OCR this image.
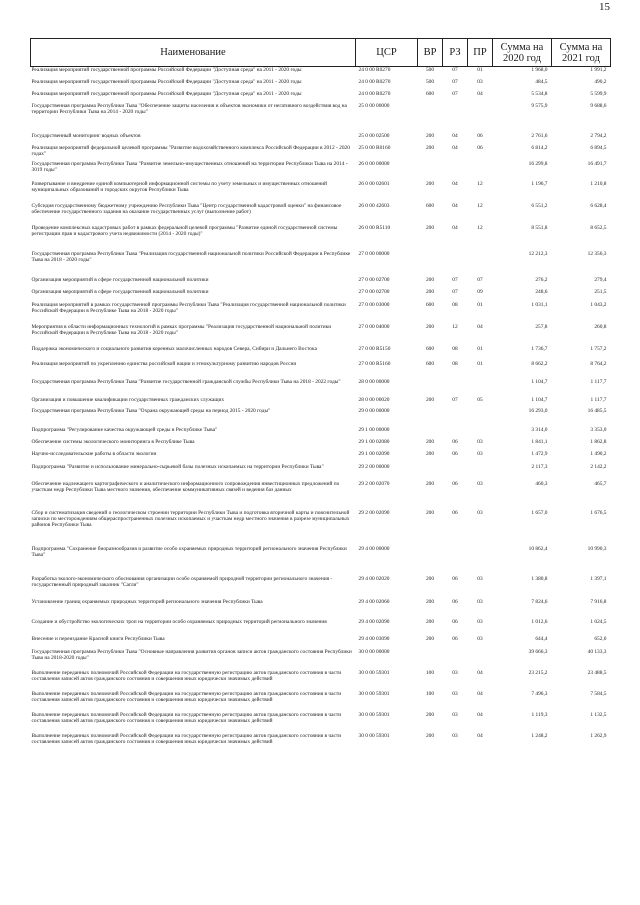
15
Наименование	ЦСР	ВР	РЗ	ПР	Сумма на 2020 год	Сумма на 2021 год
Реализация мероприятий государственной программы Российской Федерации "Доступная среда" на 2011 - 2020 годы	24 0 00 R0270	500	07	01	1 968,0	1 991,2
Реализация мероприятий государственной программы Российской Федерации "Доступная среда" на 2011 - 2020 годы	24 0 00 R0270	500	07	03	484,5	490,2
Реализация мероприятий государственной программы Российской Федерации "Доступная среда" на 2011 - 2020 годы	24 0 00 R0270	600	07	04	5 534,8	5 599,9
Государственная программа Республики Тыва "Обеспечение защиты населения и объектов экономики от негативного воздействия вод на территории Республики Тыва на 2014 - 2020 годы"	25 0 00 00000				9 575,9	9 688,6
Государственный мониторинг водных объектов	25 0 00 02500	200	04	06	2 761,6	2 794,2
Реализация мероприятий федеральной целевой программы "Развитие водохозяйственного комплекса Российской Федерации в 2012 - 2020 годах"	25 0 00 R0160	200	04	06	6 814,2	6 894,5
Государственная программа Республики Тыва "Развитие земельно-имущественных отношений на территории Республики Тыва на 2014 - 3019 годы"	26 0 00 00000				16 299,8	16 491,7
Развертывание и внедрение единой компьютерной информационной системы по учету земельных и имущественных отношений муниципальных образований и городских округов Республики Тыва	26 0 00 02601	200	04	12	1 196,7	1 210,8
Субсидия государственному бюджетному учреждению Республики Тыва "Центр государственной кадастровой оценки" на финансовое обеспечение государственного задания на оказание государственных услуг (выполнение работ)	26 0 00 42603	600	04	12	6 551,2	6 628,4
Проведение комплексных кадастровых работ в рамках федеральной целевой программы "Развитие единой государственной системы регистрации прав и кадастрового учета недвижимости (2014 - 2020 годы)"	26 0 00 R5110	200	04	12	8 551,8	8 652,5
Государственная программа Республики Тыва "Реализация государственной национальной политики Российской Федерации в Республике Тыва на 2018 - 2020 годы"	27 0 00 00000				12 212,3	12 356,3
Организация мероприятий в сфере государственной национальной политики	27 0 00 02700	200	07	07	276,2	279,4
Организация мероприятий в сфере государственной национальной политики	27 0 00 02700	200	07	09	248,6	251,5
Реализация мероприятий в рамках государственной программы Республики Тыва "Реализация государственной национальной политики Российской Федерации в Республике Тыва на 2018 - 2020 годы"	27 0 00 03000	600	08	01	1 031,1	1 043,2
Мероприятия в области информационных технологий в рамках программы "Реализация государственной национальной политики Российской Федерации в Республике Тыва на 2018 - 2020 годы"	27 0 00 04000	200	12	04	257,8	260,8
Поддержка экономического и социального развития коренных малочисленных народов Севера, Сибири и Дальнего Востока	27 0 00 R5150	600	08	01	1 736,7	1 757,2
Реализация мероприятий по укреплению единства российской нации и этнокультурному развитию народов России	27 0 00 R5160	600	08	01	8 662,2	8 764,2
Государственная программа Республики Тыва "Развитие государственной гражданской службы Республики Тыва на 2018 - 2022 годы"	28 0 00 00000				1 104,7	1 117,7
Организация и повышение квалификации государственных гражданских служащих	28 0 00 00020	200	07	05	1 104,7	1 117,7
Государственная программа Республики Тыва "Охрана окружающей среды на период 2015 - 2020 годы"	29 0 00 00000				16 293,0	16 485,5
Подпрограмма "Регулирование качества окружающей среды в Республике Тыва"	29 1 00 00000				3 314,0	3 353,0
Обеспечение системы экологического мониторинга в Республике Тыва	29 1 00 02080	200	06	03	1 841,1	1 862,8
Научно-исследовательские работы в области экологии	29 1 00 02090	200	06	03	1 472,9	1 490,2
Подпрограмма "Развитие и использование минерально-сырьевой базы полезных ископаемых на территории Республики Тыва"	29 2 00 00000				2 117,3	2 142,2
Обеспечение надлежащего картографического и аналитического информационного сопровождения инвестиционных предложений по участкам недр Республики Тыва местного значения, обеспечение коммуникативных связей и ведения баз данных	29 2 00 02070	200	06	03	460,3	465,7
Сбор и систематизация сведений о геологическом строении территории Республики Тыва и подготовка вторичной карты и пояснительной записки по месторождениям общераспространенных полезных ископаемых и участкам недр местного значения в разрезе муниципальных районов Республики Тыва	29 2 00 02090	200	06	03	1 657,0	1 676,5
Подпрограмма "Сохранение биоразнообразия и развитие особо охраняемых природных территорий регионального значения Республики Тыва"	29 4 00 00000				10 862,4	10 990,3
Разработка эколого-экономического обоснования организации особо охраняемой природной территории регионального значения - государственный природный заказник "Сагли"	29 4 00 02020	200	06	03	1 380,8	1 397,1
Установление границ охраняемых природных территорий регионального значения Республики Тыва	29 4 00 02060	200	06	03	7 824,6	7 916,8
Создание и обустройство экологических троп на территории особо охраняемых природных территорий регионального значения	29 4 00 02090	200	06	03	1 012,6	1 024,5
Внесение и переиздание Красной книги Республики Тыва	29 4 00 03090	200	06	03	644,4	652,0
Государственная программа Республики Тыва "Основные направления развития органов записи актов гражданского состояния Республики Тыва на 2018-2020 годы"	30 0 00 00000				39 666,3	40 133,3
Выполнение переданных полномочий Российской Федерации на государственную регистрацию актов гражданского состояния в части составления записей актов гражданского состояния и совершения иных юридически значимых действий	30 0 00 59301	100	03	04	23 215,2	23 488,5
Выполнение переданных полномочий Российской Федерации на государственную регистрацию актов гражданского состояния в части составления записей актов гражданского состояния и совершения иных юридически значимых действий	30 0 00 59301	100	03	04	7 496,3	7 584,5
Выполнение переданных полномочий Российской Федерации на государственную регистрацию актов гражданского состояния в части составления записей актов гражданского состояния и совершения иных юридически значимых действий	30 0 00 59301	200	03	04	1 119,3	1 132,5
Выполнение переданных полномочий Российской Федерации на государственную регистрацию актов гражданского состояния в части составления записей актов гражданского состояния и совершения иных юридически значимых действий	30 0 00 59301	200	03	04	1 248,2	1 262,9
